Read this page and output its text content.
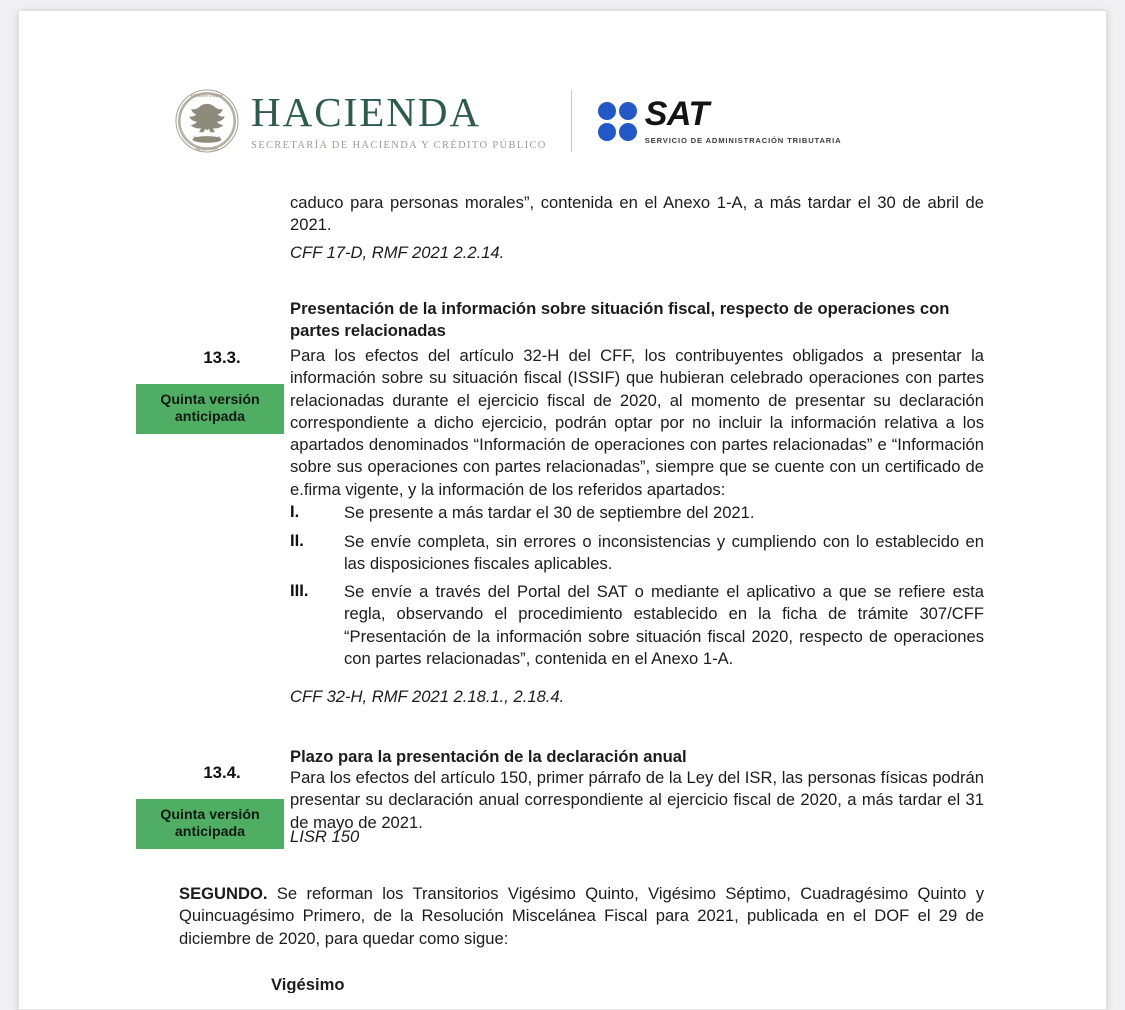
ESTADOS UNIDOS
MEXICANOS
HACIENDA
SECRETARÍA DE HACIENDA Y CRÉDITO PÚBLICO
SAT
SERVICIO DE ADMINISTRACIÓN TRIBUTARIA
caduco para personas morales”, contenida en el Anexo 1-A, a más tardar el 30 de abril de 2021.
CFF 17-D, RMF 2021 2.2.14.
Presentación de la información sobre situación fiscal, respecto de operaciones con partes relacionadas
13.3.
Quinta versión
anticipada
Para los efectos del artículo 32-H del CFF, los contribuyentes obligados a presentar la información sobre su situación fiscal (ISSIF) que hubieran celebrado operaciones con partes relacionadas durante el ejercicio fiscal de 2020, al momento de presentar su declaración correspondiente a dicho ejercicio, podrán optar por no incluir la información relativa a los apartados denominados “Información de operaciones con partes relacionadas” e “Información sobre sus operaciones con partes relacionadas”, siempre que se cuente con un certificado de e.firma vigente, y la información de los referidos apartados:
I.	Se presente a más tardar el 30 de septiembre del 2021.
II.	Se envíe completa, sin errores o inconsistencias y cumpliendo con lo establecido en las disposiciones fiscales aplicables.
III.	Se envíe a través del Portal del SAT o mediante el aplicativo a que se refiere esta regla, observando el procedimiento establecido en la ficha de trámite 307/CFF “Presentación de la información sobre situación fiscal 2020, respecto de operaciones con partes relacionadas”, contenida en el Anexo 1-A.
CFF 32-H, RMF 2021 2.18.1., 2.18.4.
Plazo para la presentación de la declaración anual
13.4.
Quinta versión
anticipada
Para los efectos del artículo 150, primer párrafo de la Ley del ISR, las personas físicas podrán presentar su declaración anual correspondiente al ejercicio fiscal de 2020, a más tardar el 31 de mayo de 2021.
LISR 150
SEGUNDO. Se reforman los Transitorios Vigésimo Quinto, Vigésimo Séptimo, Cuadragésimo Quinto y Quincuagésimo Primero, de la Resolución Miscelánea Fiscal para 2021, publicada en el DOF el 29 de diciembre de 2020, para quedar como sigue:
Vigésimo
